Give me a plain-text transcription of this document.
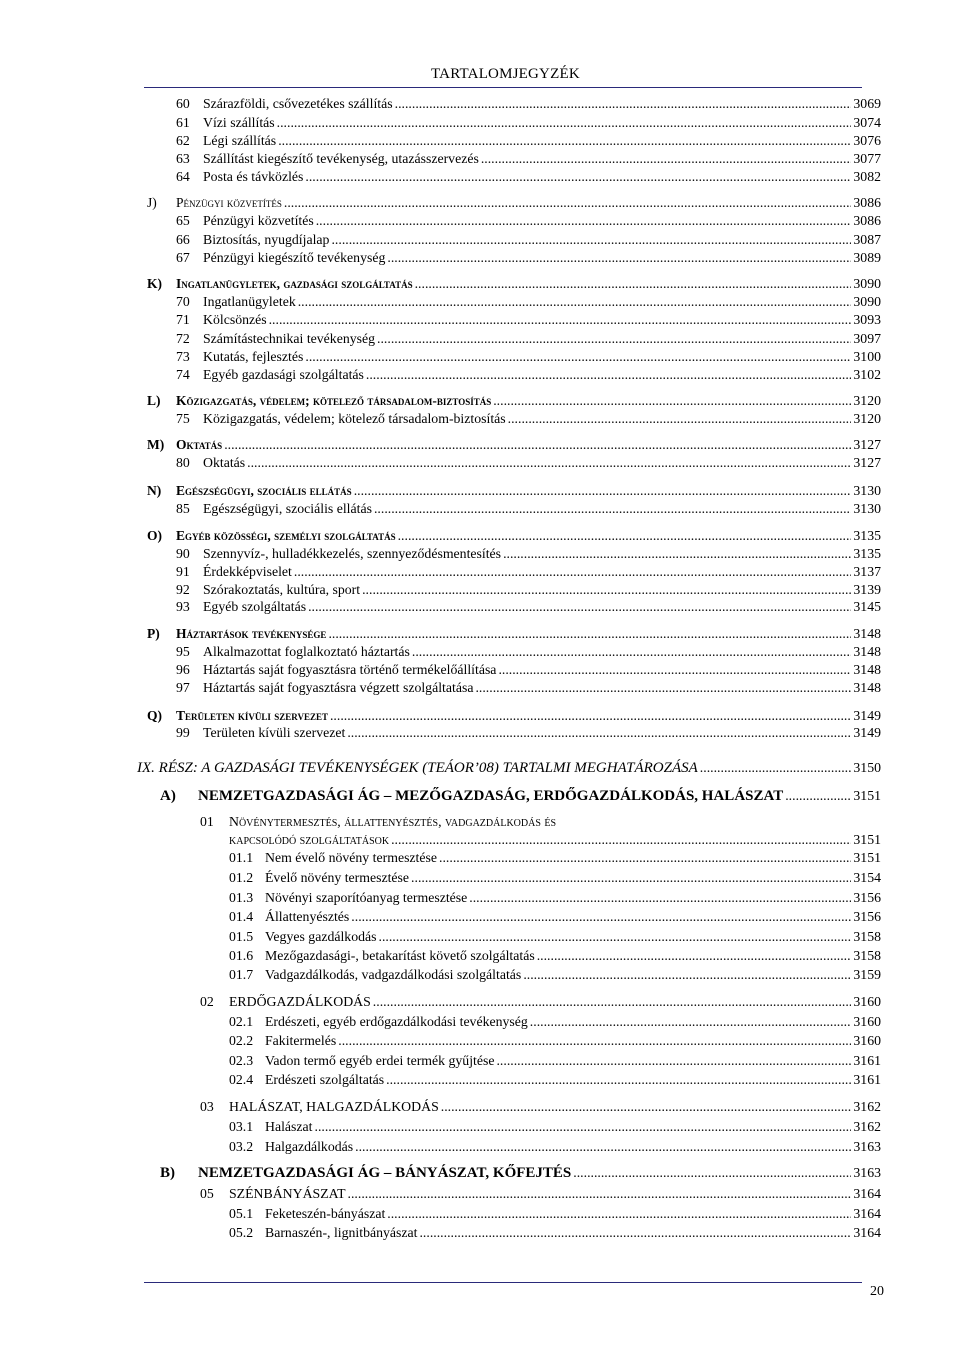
TARTALOMJEGYZÉK
60 Szárazföldi, csővezetékes szállítás .....	3069
61 Vízi szállítás .....	3074
62 Légi szállítás .....	3076
63 Szállítást kiegészítő tevékenység, utazásszervezés .....	3077
64 Posta és távközlés .....	3082
J)	Pénzügyi közvetítés .....	3086
65 Pénzügyi közvetítés .....	3086
66 Biztosítás, nyugdíjalap .....	3087
67 Pénzügyi kiegészítő tevékenység .....	3089
K)	Ingatlanügyletek, gazdasági szolgáltatás .....	3090
70 Ingatlanügyletek .....	3090
71 Kölcsönzés .....	3093
72 Számítástechnikai tevékenység .....	3097
73 Kutatás, fejlesztés .....	3100
74 Egyéb gazdasági szolgáltatás .....	3102
L)	Közigazgatás, védelem; kötelező társadalom-biztosítás .....	3120
75 Közigazgatás, védelem; kötelező társadalom-biztosítás .....	3120
M) Oktatás .....	3127
80 Oktatás .....	3127
N)	Egészségügyi, szociális ellátás .....	3130
85 Egészségügyi, szociális ellátás .....	3130
O)	Egyéb közösségi, személyi szolgáltatás .....	3135
90 Szennyvíz-, hulladékkezelés, szennyeződésmentesítés .....	3135
91 Érdekképviselet .....	3137
92 Szórakoztatás, kultúra, sport .....	3139
93 Egyéb szolgáltatás .....	3145
P)	Háztartások tevékenysége .....	3148
95 Alkalmazottat foglalkoztató háztartás .....	3148
96 Háztartás saját fogyasztásra történő termékelőállítása .....	3148
97 Háztartás saját fogyasztásra végzett szolgáltatása .....	3148
Q)	Területen kívüli szervezet .....	3149
99 Területen kívüli szervezet .....	3149
IX. RÉSZ: A GAZDASÁGI TEVÉKENYSÉGEK (TEÁOR’08) TARTALMI MEGHATÁROZÁSA .....	3150
A)	NEMZETGAZDASÁGI ÁG – MEZŐGAZDASÁG, ERDŐGAZDÁLKODÁS, HALÁSZAT .....	3151
01	Növénytermesztés, állattenyésztés, vadgazdálkodás és
kapcsolódó szolgáltatások .....	3151
01.1 Nem évelő növény termesztése .....	3151
01.2 Évelő növény termesztése .....	3154
01.3 Növényi szaporítóanyag termesztése .....	3156
01.4 Állattenyésztés .....	3156
01.5 Vegyes gazdálkodás .....	3158
01.6 Mezőgazdasági-, betakarítást követő szolgáltatás .....	3158
01.7 Vadgazdálkodás, vadgazdálkodási szolgáltatás .....	3159
02	ERDŐGAZDÁLKODÁS .....	3160
02.1 Erdészeti, egyéb erdőgazdálkodási tevékenység .....	3160
02.2 Fakitermelés .....	3160
02.3 Vadon termő egyéb erdei termék gyűjtése .....	3161
02.4 Erdészeti szolgáltatás .....	3161
03	HALÁSZAT, HALGAZDÁLKODÁS .....	3162
03.1 Halászat .....	3162
03.2 Halgazdálkodás .....	3163
B)	NEMZETGAZDASÁGI ÁG – BÁNYÁSZAT, KŐFEJTÉS .....	3163
05	SZÉNBÁNYÁSZAT .....	3164
05.1 Feketeszén-bányászat .....	3164
05.2 Barnaszén-, lignitbányászat .....	3164
20
